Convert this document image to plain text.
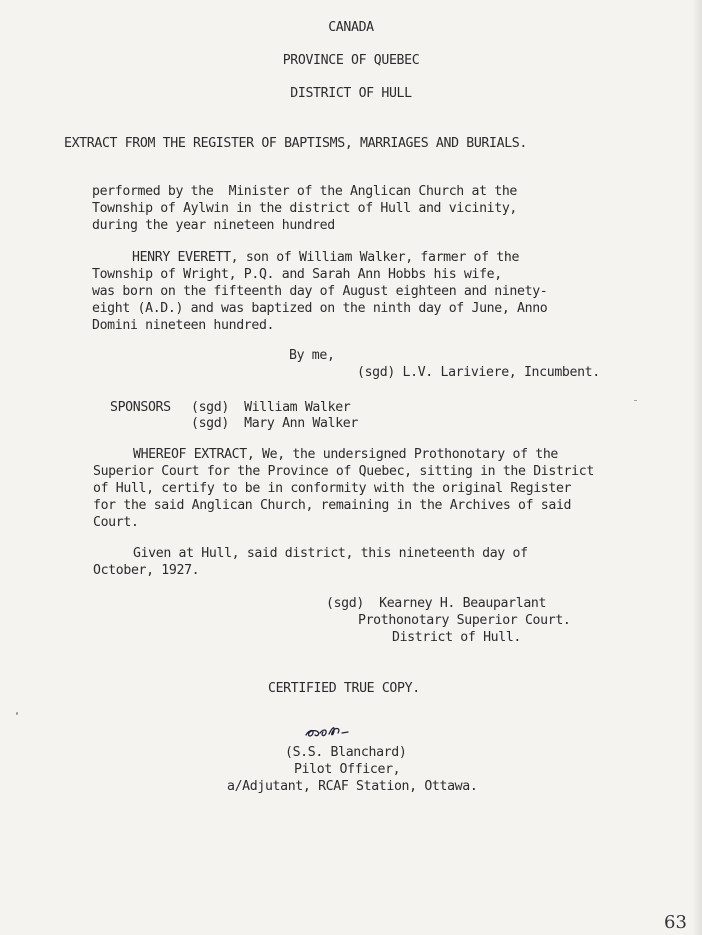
CANADA
PROVINCE OF QUEBEC
DISTRICT OF HULL
EXTRACT FROM THE REGISTER OF BAPTISMS, MARRIAGES AND BURIALS.
performed by the  Minister of the Anglican Church at the
Township of Aylwin in the district of Hull and vicinity,
during the year nineteen hundred
HENRY EVERETT, son of William Walker, farmer of the
Township of Wright, P.Q. and Sarah Ann Hobbs his wife,
was born on the fifteenth day of August eighteen and ninety-
eight (A.D.) and was baptized on the ninth day of June, Anno
Domini nineteen hundred.
By me,
(sgd) L.V. Lariviere, Incumbent.
SPONSORS (sgd)  William Walker
(sgd)  Mary Ann Walker
WHEREOF EXTRACT, We, the undersigned Prothonotary of the
Superior Court for the Province of Quebec, sitting in the District
of Hull, certify to be in conformity with the original Register
for the said Anglican Church, remaining in the Archives of said
Court.
Given at Hull, said district, this nineteenth day of
October, 1927.
(sgd)  Kearney H. Beauparlant
Prothonotary Superior Court.
District of Hull.
CERTIFIED TRUE COPY.
(S.S. Blanchard)
Pilot Officer,
a/Adjutant, RCAF Station, Ottawa.
63
